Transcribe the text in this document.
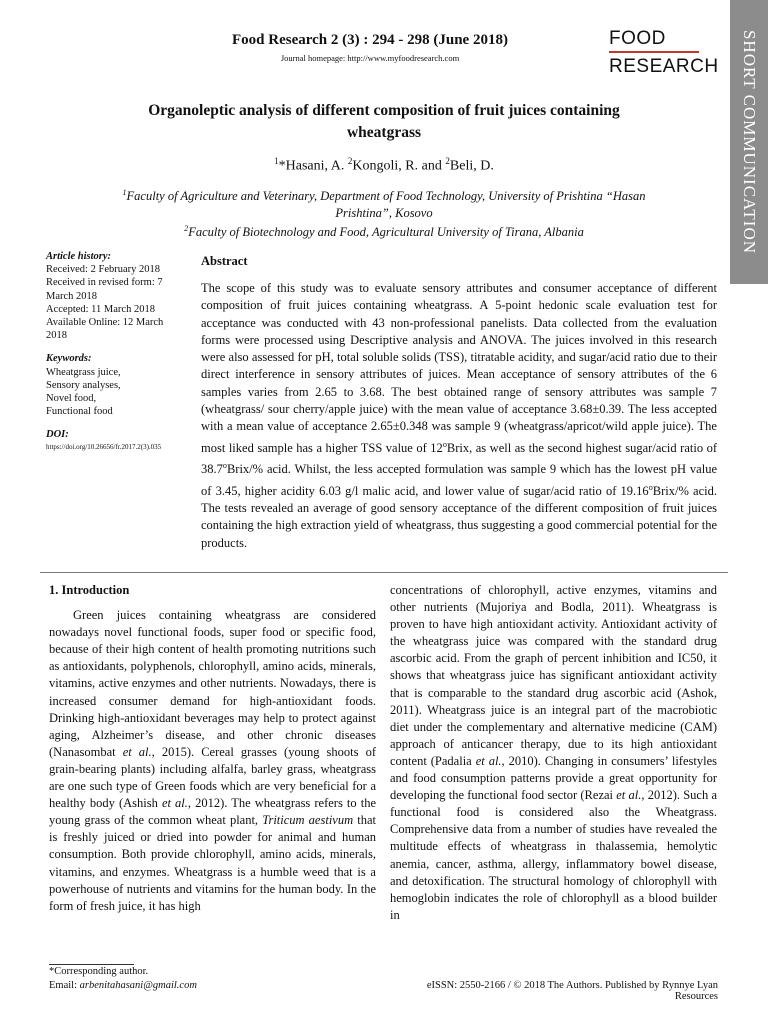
Food Research 2 (3) : 294 - 298 (June 2018)
Journal homepage: http://www.myfoodresearch.com
FOOD
RESEARCH SHORT COMMUNICATION
Organoleptic analysis of different composition of fruit juices containing
wheatgrass
$^1$*Hasani, A. $^2$Kongoli, R. and $^2$Beli, D.
$^1$Faculty of Agriculture and Veterinary, Department of Food Technology, University of Prishtina “Hasan
Prishtina”, Kosovo
$^2$Faculty of Biotechnology and Food, Agricultural University of Tirana, Albania
Article history:
Received: 2 February 2018
Received in revised form: 7
March 2018
Accepted: 11 March 2018
Available Online: 12 March
2018
Keywords:
Wheatgrass juice,
Sensory analyses,
Novel food,
Functional food
DOI:
https://doi.org/10.26656/fr.2017.2(3).035
Abstract
The scope of this study was to evaluate sensory attributes and consumer acceptance of different composition of fruit juices containing wheatgrass. A 5-point hedonic scale evaluation test for acceptance was conducted with 43 non-professional panelists. Data collected from the evaluation forms were processed using Descriptive analysis and ANOVA. The juices involved in this research were also assessed for pH, total soluble solids (TSS), titratable acidity, and sugar/acid ratio due to their direct interference in sensory attributes of juices. Mean acceptance of sensory attributes of the 6 samples varies from 2.65 to 3.68. The best obtained range of sensory attributes was sample 7 (wheatgrass/ sour cherry/apple juice) with the mean value of acceptance 3.68±0.39. The less accepted with a mean value of acceptance 2.65±0.348 was sample 9 (wheatgrass/apricot/wild apple juice). The most liked sample has a higher TSS value of 12$^o$Brix, as well as the second highest sugar/acid ratio of 38.7$^o$Brix/% acid. Whilst, the less accepted formulation was sample 9 which has the lowest pH value of 3.45, higher acidity 6.03 g/l malic acid, and lower value of sugar/acid ratio of 19.16$^o$Brix/% acid. The tests revealed an average of good sensory acceptance of the different composition of fruit juices containing the high extraction yield of wheatgrass, thus suggesting a good commercial potential for the products.
1. Introduction
Green juices containing wheatgrass are considered nowadays novel functional foods, super food or specific food, because of their high content of health promoting nutritions such as antioxidants, polyphenols, chlorophyll, amino acids, minerals, vitamins, active enzymes and other nutrients. Nowadays, there is increased consumer demand for high-antioxidant foods. Drinking high-antioxidant beverages may help to protect against aging, Alzheimer’s disease, and other chronic diseases (Nanasombat et al., 2015). Cereal grasses (young shoots of grain-bearing plants) including alfalfa, barley grass, wheatgrass are one such type of Green foods which are very beneficial for a healthy body (Ashish et al., 2012). The wheatgrass refers to the young grass of the common wheat plant, Triticum aestivum that is freshly juiced or dried into powder for animal and human consumption. Both provide chlorophyll, amino acids, minerals, vitamins, and enzymes. Wheatgrass is a humble weed that is a powerhouse of nutrients and vitamins for the human body. In the form of fresh juice, it has high
concentrations of chlorophyll, active enzymes, vitamins and other nutrients (Mujoriya and Bodla, 2011). Wheatgrass is proven to have high antioxidant activity. Antioxidant activity of the wheatgrass juice was compared with the standard drug ascorbic acid. From the graph of percent inhibition and IC50, it shows that wheatgrass juice has significant antioxidant activity that is comparable to the standard drug ascorbic acid (Ashok, 2011). Wheatgrass juice is an integral part of the macrobiotic diet under the complementary and alternative medicine (CAM) approach of anticancer therapy, due to its high antioxidant content (Padalia et al., 2010). Changing in consumers’ lifestyles and food consumption patterns provide a great opportunity for developing the functional food sector (Rezai et al., 2012). Such a functional food is considered also the Wheatgrass. Comprehensive data from a number of studies have revealed the multitude effects of wheatgrass in thalassemia, hemolytic anemia, cancer, asthma, allergy, inflammatory bowel disease, and detoxification. The structural homology of chlorophyll with hemoglobin indicates the role of chlorophyll as a blood builder in
*Corresponding author.
Email: arbenitahasani@gmail.com	eISSN: 2550-2166 / © 2018 The Authors. Published by Rynnye Lyan Resources
